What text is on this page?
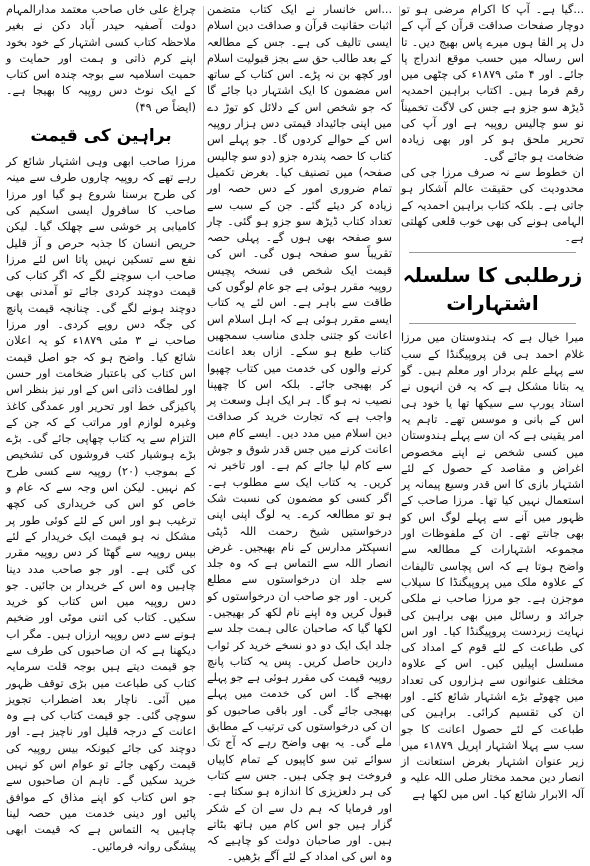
...گیا ہے۔ آپ کا اکرام مرضی ہو تو دوچار صفحات صداقت قرآن کے آپ کے دل پر القا ہوں میرے پاس بھیج دیں۔ تا اس رسالہ میں حسب موقع اندراج پا جائے۔ اور ۴ مئی ۱۸۷۹ء کی چٹھی میں رقم فرما ہیں۔ اکتاب براہین احمدیہ ڈیڑھ سو جزو ہے جس کی لاگت تخمیناً نو سو چالیس روپیہ ہے اور آپ کی تحریر ملحق ہو کر اور بھی زیادہ ضخامت ہو جائے گی۔

ان خطوط سے نہ صرف مرزا جی کی محدودیت کی حقیقت عالم آشکار ہو جاتی ہے۔ بلکہ کتاب براہین احمدیہ کے الہامی ہونے کی بھی خوب قلعی کھلتی ہے۔

زرطلبی کا سلسلہ اشتہارات

میرا خیال ہے کہ ہندوستان میں مرزا غلام احمد ہی فن پروپیگنڈا کے سب سے پہلے علم بردار اور معلم ہیں۔ گو یہ بتانا مشکل ہے کہ یہ فن انہوں نے استاد یورپ سے سیکھا تھا یا خود ہی اس کے بانی و موسس تھے۔ تاہم یہ امر یقینی ہے کہ ان سے پہلے ہندوستان میں کسی شخص نے اپنے مخصوص اغراض و مقاصد کے حصول کے لئے اشتہار بازی کا اس قدر وسیع پیمانہ پر استعمال نہیں کیا تھا۔ مرزا صاحب کے ظہور میں آنے سے پہلے لوگ اس کو بھی جانتے تھے۔ ان کے ملفوظات اور مجموعہ اشتہارات کے مطالعہ سے واضح ہوتا ہے کہ اس پچاسی تالیفات کے علاوہ ملک میں پروپیگنڈا کا سیلاب موجزن ہے۔ جو مرزا صاحب نے ملکی جرائد و رسائل میں بھی براہین کی نہایت زبردست پروپیگنڈا کیا۔ اور اس کی طباعت کے لئے قوم کے امداد کی مسلسل اپیلیں کیں۔ اس کے علاوہ مختلف عنوانوں سے ہزاروں کی تعداد میں چھوٹے بڑے اشتہار شائع کئے۔ اور ان کی تقسیم کرائی۔ براہین کی طباعت کے لئے حصول اعانت کا جو سب سے پہلا اشتہار اپریل ۱۸۷۹ء میں زیر عنوان اشتہار بغرض استعانت از انصار دین محمد مختار صلی اللہ علیہ و آلہ الابرار شائع کیا۔ اس میں لکھا ہے

...اس خانسار نے ایک کتاب متضمن اثبات حقانیت قرآن و صداقت دین اسلام ایسی تالیف کی ہے۔ جس کے مطالعہ کے بعد طالب حق سے بجز قبولیت اسلام اور کچھ بن نہ پڑے۔ اس کتاب کے ساتھ اس مضمون کا ایک اشتہار دیا جائے گا کہ جو شخص اس کے دلائل کو توڑ دے میں اپنی جائیداد قیمتی دس ہزار روپیہ اس کے حوالے کردوں گا۔ جو پہلے اس کتاب کا حصہ پندرہ جزو (دو سو چالیس صفحہ) میں تصنیف کیا۔ بغرض تکمیل تمام ضروری امور کے دس حصہ اور زیادہ کر دیئے گئے۔ جن کے سبب سے تعداد کتاب ڈیڑھ سو جزو ہو گئی۔ چار سو صفحہ بھی ہوں گے۔ پہلی حصہ تقریباً سو صفحہ ہوں گی۔ اس کی قیمت ایک شخص فی نسخہ پچیس روپیہ مقرر ہوئی ہے جو عام لوگوں کی طاقت سے باہر ہے۔ اس لئے یہ کتاب ایسے مقرر ہوئی ہے کہ اہل اسلام اس اعانت کو جتنی جلدی مناسب سمجھیں کتاب طبع ہو سکے۔ ازاں بعد اعانت کرنے والوں کی خدمت میں کتاب چھپوا کر بھیجی جائے۔ بلکہ اس کا چھپنا نصیب نہ ہو گا۔ ہر ایک اہل وسعت پر واجب ہے کہ تجارت خرید کر صداقت دین اسلام میں مدد دیں۔ ایسے کام میں اعانت کرنے میں جس قدر شوق و جوش سے کام لیا جائے کم ہے۔ اور تاخیر نہ کریں۔ یہ کتاب ایک سے مطلوب ہے۔ اگر کسی کو مضمون کی نسبت شک ہو تو مطالعہ کرے۔ یہ لوگ اپنی اپنی درخواستیں شیخ رحمت اللہ ڈپٹی انسپکٹر مدارس کے نام بھیجیں۔ غرض انصار اللہ سے التماس ہے کہ وہ جلد سے جلد ان درخواستوں سے مطلع کریں۔ اور جو صاحب ان درخواستوں کو قبول کریں وہ اپنے نام لکھ کر بھیجیں۔ لکھا گیا کہ صاحبان عالی ہمت جلد سے جلد ایک ایک دو دو نسخے خرید کر ثواب دارین حاصل کریں۔ پس یہ کتاب پانچ روپیہ قیمت کی مقرر ہوئی ہے جو پہلے بھیجے گا۔ اس کی خدمت میں پہلے بھیجی جائے گی۔ اور باقی صاحبوں کو ان کی درخواستوں کی ترتیب کے مطابق ملے گی۔ یہ بھی واضح رہے کہ آج تک سوائے تین سو کاپیوں کے تمام کاپیاں فروخت ہو چکی ہیں۔ جس سے کتاب کی ہر دلعزیزی کا اندازہ ہو سکتا ہے۔ اور فرمایا کہ ہم دل سے ان کے شکر گزار ہیں جو اس کام میں ہاتھ بٹاتے ہیں۔ اور صاحبان دولت کو چاہیے کہ وہ اس کی امداد کے لئے آگے بڑھیں۔

چراغ علی خاں صاحب معتمد مدارالمہام دولت آصفیہ حیدر آباد دکن نے بغیر ملاحظہ کتاب کسی اشتہار کے خود بخود اپنے کرم ذاتی و ہمت اور حمایت و حمیت اسلامیہ سے بوجہ چندہ اس کتاب کے ایک نوٹ دس روپیہ کا بھیجا ہے۔ (ایضاً ص ۴۹)

براہین کی قیمت

مرزا صاحب ابھی وہی اشتہار شائع کر رہے تھے کہ روپیہ چاروں طرف سے مینہ کی طرح برسنا شروع ہو گیا اور مرزا صاحب کا سافرول ایسی اسکیم کی کامیابی پر خوشی سے چھلک گیا۔ لیکن حریص انسان کا جذبہ حرص و آز قلیل نفع سے تسکین نہیں پاتا اس لئے مرزا صاحب اب سوچنے لگے کہ اگر کتاب کی قیمت دوچند کردی جائے تو آمدنی بھی دوچند ہونے لگے گی۔ چنانچہ قیمت پانچ کی جگہ دس روپے کردی۔ اور مرزا صاحب نے ۳ مئی ۱۸۷۹ء کو یہ اعلان شائع کیا۔ واضح ہو کہ جو اصل قیمت اس کتاب کی باعتبار ضخامت اور حسن اور لطافت ذاتی اس کے اور نیز بنظر اس پاکیزگی خط اور تحریر اور عمدگی کاغذ وغیرہ لوازم اور مراتب کے کہ جن کے التزام سے یہ کتاب چھاپی جائے گی۔ بڑے بڑے ہوشیار کتب فروشوں کی تشخیص کے بموجب (۲۰) روپیہ سے کسی طرح کم نہیں۔ لیکن اس وجہ سے کہ عام و خاص کو اس کی خریداری کی کچھ ترغیب ہو اور اس کے لئے کوئی طور پر مشکل نہ ہو قیمت ایک خریدار کے لئے بیس روپیہ سے گھٹا کر دس روپیہ مقرر کی گئی ہے۔ اور جو صاحب مدد دینا چاہیں وہ اس کے خریدار بن جائیں۔ جو دس روپیہ میں اس کتاب کو خرید سکیں۔ کتاب کی اتنی موٹی اور ضخیم ہونے سے دس روپیہ ارزاں ہیں۔ مگر اب دیکھنا ہے کہ ان صاحبوں کی طرف سے جو قیمت دیتے ہیں بوجہ قلت سرمایہ کتاب کی طباعت میں بڑی توقف ظہور میں آئی۔ ناچار بعد اضطراب تجویز سوچی گئی۔ جو قیمت کتاب کی ہے وہ اعانت کے درجہ قلیل اور ناچیز ہے۔ اور دوچند کی جائے کیونکہ بیس روپیہ کی قیمت رکھی جائے تو عوام اس کو نہیں خرید سکیں گے۔ تاہم ان صاحبوں سے جو اس کتاب کو اپنے مذاق کے موافق پائیں اور دینی خدمت میں حصہ لینا چاہیں یہ التماس ہے کہ قیمت ابھی پیشگی روانہ فرمائیں۔
